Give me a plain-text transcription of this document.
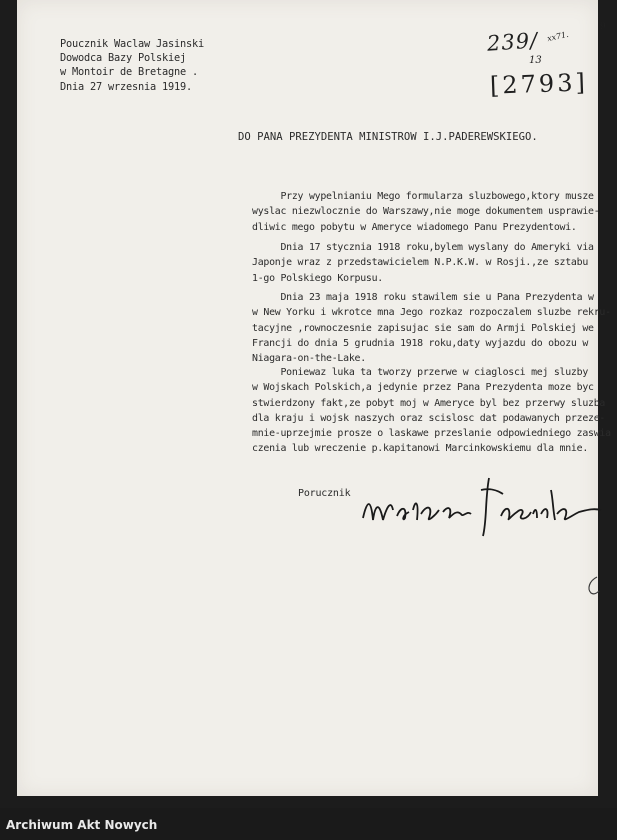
Poucznik Waclaw Jasinski
Dowodca Bazy Polskiej
w Montoir de Bretagne .
Dnia 27 wrzesnia 1919.
239/
13
xx71.
9
[2793]
DO PANA PREZYDENTA MINISTROW I.J.PADEREWSKIEGO.
Przy wypelnianiu Mego formularza sluzbowego,ktory musze
wyslac niezwlocznie do Warszawy,nie moge dokumentem usprawie-
dliwic mego pobytu w Ameryce wiadomego Panu Prezydentowi.
Dnia 17 stycznia 1918 roku,bylem wyslany do Ameryki via
Japonje wraz z przedstawicielem N.P.K.W. w Rosji.,ze sztabu
1-go Polskiego Korpusu.
Dnia 23 maja 1918 roku stawilem sie u Pana Prezydenta w
w New Yorku i wkrotce mna Jego rozkaz rozpoczalem sluzbe rekru-
tacyjne ,rownoczesnie zapisujac sie sam do Armji Polskiej we
Francji do dnia 5 grudnia 1918 roku,daty wyjazdu do obozu w
Niagara-on-the-Lake.
Poniewaz luka ta tworzy przerwe w ciaglosci mej sluzby
w Wojskach Polskich,a jedynie przez Pana Prezydenta moze byc
stwierdzony fakt,ze pobyt moj w Ameryce byl bez przerwy sluzba
dla kraju i wojsk naszych oraz scislosc dat podawanych przeze-
mnie-uprzejmie prosze o laskawe przeslanie odpowiedniego zaswia
czenia lub wreczenie p.kapitanowi Marcinkowskiemu dla mnie.
Porucznik
Archiwum Akt Nowych
